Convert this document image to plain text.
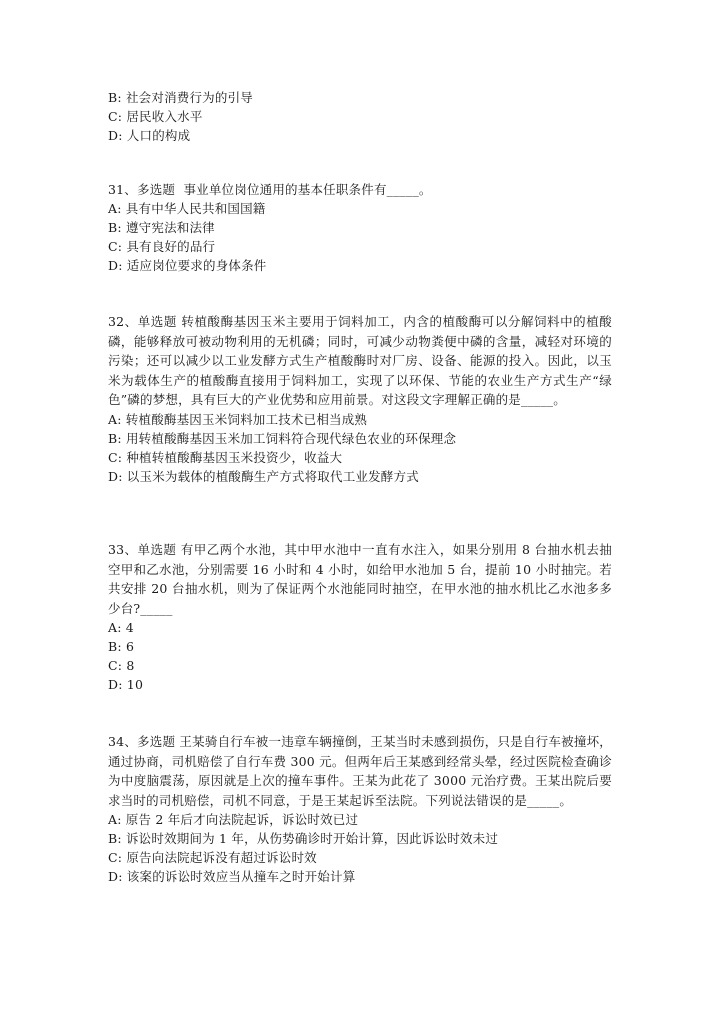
B: 社会对消费行为的引导
C: 居民收入水平
D: 人口的构成
31、多选题  事业单位岗位通用的基本任职条件有_____。
A: 具有中华人民共和国国籍
B: 遵守宪法和法律
C: 具有良好的品行
D: 适应岗位要求的身体条件
32、单选题 转植酸酶基因玉米主要用于饲料加工，内含的植酸酶可以分解饲料中的植酸磷，能够释放可被动物利用的无机磷；同时，可减少动物粪便中磷的含量，减轻对环境的污染；还可以减少以工业发酵方式生产植酸酶时对厂房、设备、能源的投入。因此，以玉米为载体生产的植酸酶直接用于饲料加工，实现了以环保、节能的农业生产方式生产“绿色”磷的梦想，具有巨大的产业优势和应用前景。对这段文字理解正确的是_____。
A: 转植酸酶基因玉米饲料加工技术已相当成熟
B: 用转植酸酶基因玉米加工饲料符合现代绿色农业的环保理念
C: 种植转植酸酶基因玉米投资少，收益大
D: 以玉米为载体的植酸酶生产方式将取代工业发酵方式
33、单选题 有甲乙两个水池，其中甲水池中一直有水注入，如果分别用 8 台抽水机去抽空甲和乙水池，分别需要 16 小时和 4 小时，如给甲水池加 5 台，提前 10 小时抽完。若共安排 20 台抽水机，则为了保证两个水池能同时抽空，在甲水池的抽水机比乙水池多多少台?_____
A: 4
B: 6
C: 8
D: 10
34、多选题 王某骑自行车被一违章车辆撞倒，王某当时未感到损伤，只是自行车被撞坏，通过协商，司机赔偿了自行车费 300 元。但两年后王某感到经常头晕，经过医院检查确诊为中度脑震荡，原因就是上次的撞车事件。王某为此花了 3000 元治疗费。王某出院后要求当时的司机赔偿，司机不同意，于是王某起诉至法院。下列说法错误的是_____。
A: 原告 2 年后才向法院起诉，诉讼时效已过
B: 诉讼时效期间为 1 年，从伤势确诊时开始计算，因此诉讼时效未过
C: 原告向法院起诉没有超过诉讼时效
D: 该案的诉讼时效应当从撞车之时开始计算
